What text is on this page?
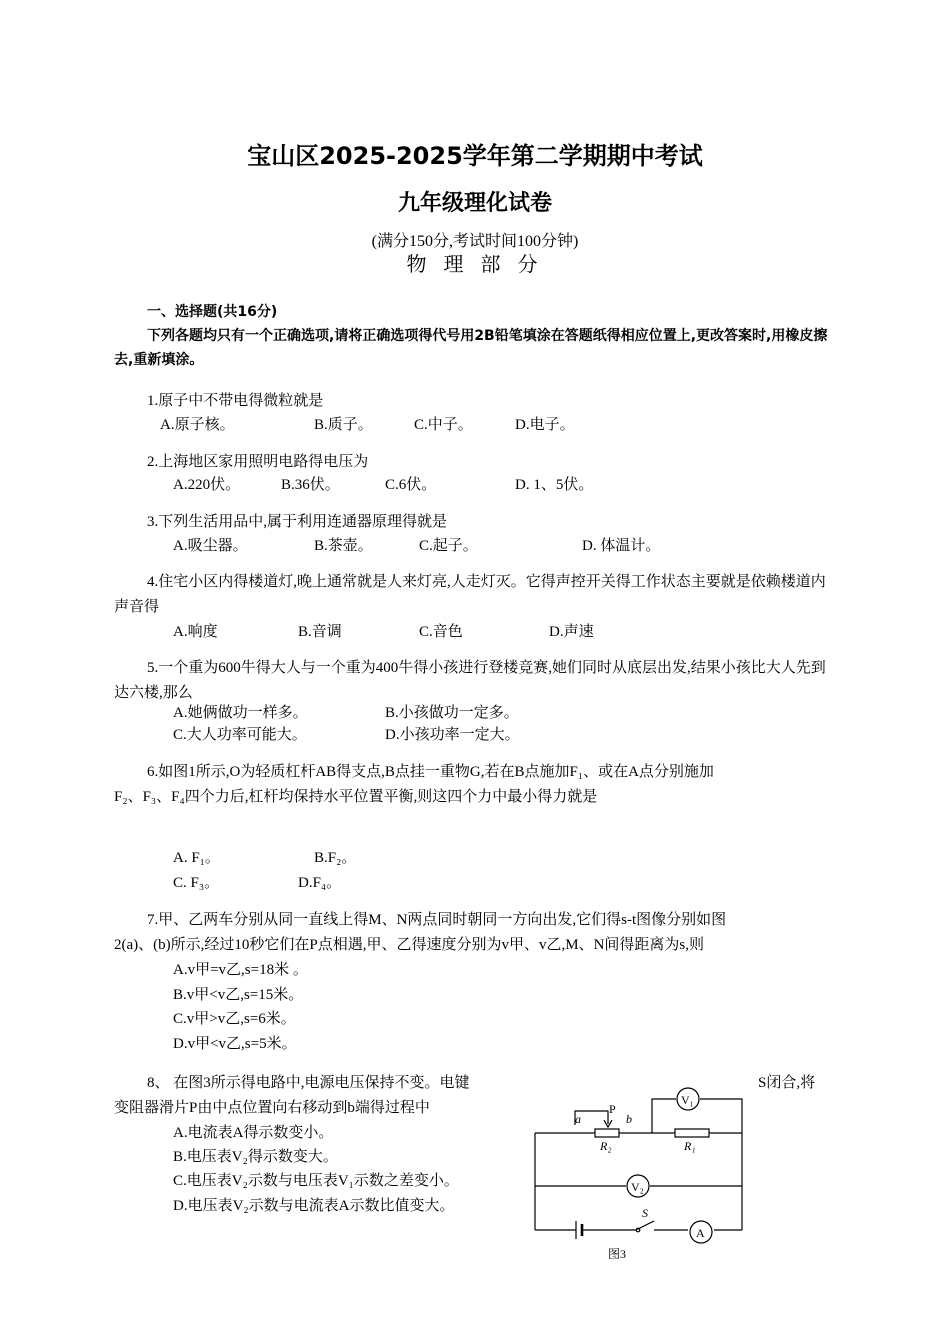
宝山区2025-2025学年第二学期期中考试
九年级理化试卷
(满分150分,考试时间100分钟)
物 理 部 分
一、选择题(共16分)
下列各题均只有一个正确选项,请将正确选项得代号用2B铅笔填涂在答题纸得相应位置上,更改答案时,用橡皮擦去,重新填涂。
1.原子中不带电得微粒就是
A.原子核。	B.质子。	C.中子。	D.电子。
2.上海地区家用照明电路得电压为
A.220伏。	B.36伏。	C.6伏。	D. 1、5伏。
3.下列生活用品中,属于利用连通器原理得就是
A.吸尘器。	B.茶壶。	C.起子。	D. 体温计。
4.住宅小区内得楼道灯,晚上通常就是人来灯亮,人走灯灭。它得声控开关得工作状态主要就是依赖楼道内声音得
A.响度	B.音调	C.音色	D.声速
5.一个重为600牛得大人与一个重为400牛得小孩进行登楼竞赛,她们同时从底层出发,结果小孩比大人先到达六楼,那么
A.她俩做功一样多。	B.小孩做功一定多。
C.大人功率可能大。	D.小孩功率一定大。
6.如图1所示,O为轻质杠杆AB得支点,B点挂一重物G,若在B点施加F₁、或在A点分别施加
F₂、F₃、F₄四个力后,杠杆均保持水平位置平衡,则这四个力中最小得力就是
A. F₁。	B.F₂。
C. F₃。	D.F₄。
7.甲、乙两车分别从同一直线上得M、N两点同时朝同一方向出发,它们得s-t图像分别如图
2(a)、(b)所示,经过10秒它们在P点相遇,甲、乙得速度分别为v甲、v乙,M、N间得距离为s,则
A.v甲=v乙,s=18米 。
B.v甲<v乙,s=15米。
C.v甲>v乙,s=6米。
D.v甲<v乙,s=5米。
8、 在图3所示得电路中,电源电压保持不变。电键	S闭合,将
变阻器滑片P由中点位置向右移动到b端得过程中
A.电流表A得示数变小。
B.电压表V₂得示数变大。
C.电压表V₂示数与电压表V₁示数之差变小。
D.电压表V₂示数与电流表A示数比值变大。
P
a	b
R₂	R₁
V₁
V₂
S
A
图3
